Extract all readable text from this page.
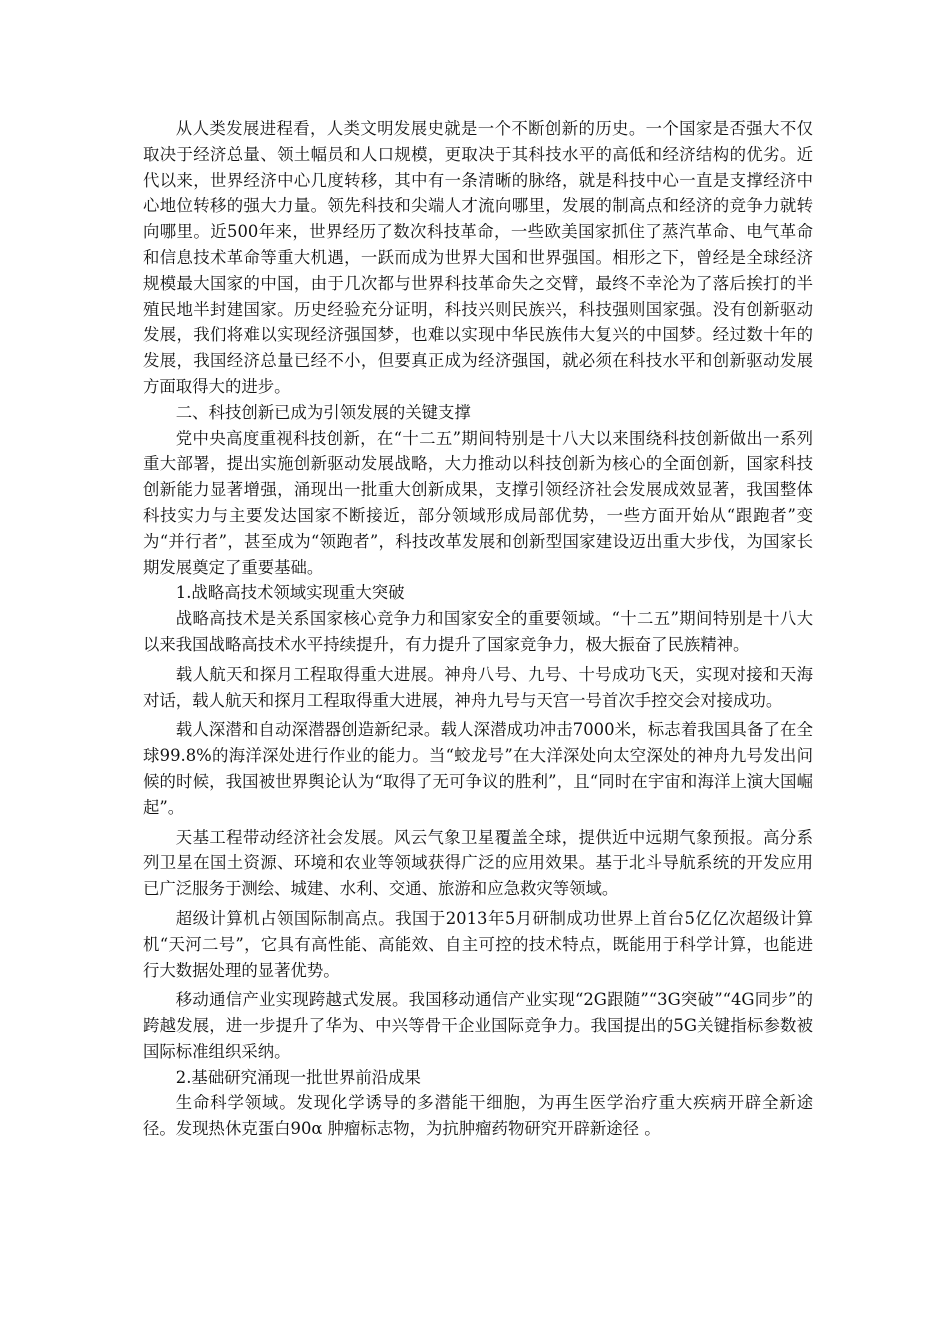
从人类发展进程看，人类文明发展史就是一个不断创新的历史。一个国家是否强大不仅取决于经济总量、领土幅员和人口规模，更取决于其科技水平的高低和经济结构的优劣。近代以来，世界经济中心几度转移，其中有一条清晰的脉络，就是科技中心一直是支撑经济中心地位转移的强大力量。领先科技和尖端人才流向哪里，发展的制高点和经济的竞争力就转向哪里。近500年来，世界经历了数次科技革命，一些欧美国家抓住了蒸汽革命、电气革命和信息技术革命等重大机遇，一跃而成为世界大国和世界强国。相形之下，曾经是全球经济规模最大国家的中国，由于几次都与世界科技革命失之交臂，最终不幸沦为了落后挨打的半殖民地半封建国家。历史经验充分证明，科技兴则民族兴，科技强则国家强。没有创新驱动发展，我们将难以实现经济强国梦，也难以实现中华民族伟大复兴的中国梦。经过数十年的发展，我国经济总量已经不小，但要真正成为经济强国，就必须在科技水平和创新驱动发展方面取得大的进步。

二、科技创新已成为引领发展的关键支撑

党中央高度重视科技创新，在“十二五”期间特别是十八大以来围绕科技创新做出一系列重大部署，提出实施创新驱动发展战略，大力推动以科技创新为核心的全面创新，国家科技创新能力显著增强，涌现出一批重大创新成果，支撑引领经济社会发展成效显著，我国整体科技实力与主要发达国家不断接近，部分领域形成局部优势，一些方面开始从“跟跑者”变为“并行者”，甚至成为“领跑者”，科技改革发展和创新型国家建设迈出重大步伐，为国家长期发展奠定了重要基础。

1.战略高技术领域实现重大突破

战略高技术是关系国家核心竞争力和国家安全的重要领域。“十二五”期间特别是十八大以来我国战略高技术水平持续提升，有力提升了国家竞争力，极大振奋了民族精神。

载人航天和探月工程取得重大进展。神舟八号、九号、十号成功飞天，实现对接和天海对话，载人航天和探月工程取得重大进展，神舟九号与天宫一号首次手控交会对接成功。

载人深潜和自动深潜器创造新纪录。载人深潜成功冲击7000米，标志着我国具备了在全球99.8%的海洋深处进行作业的能力。当“蛟龙号”在大洋深处向太空深处的神舟九号发出问候的时候，我国被世界舆论认为“取得了无可争议的胜利”，且“同时在宇宙和海洋上演大国崛起”。

天基工程带动经济社会发展。风云气象卫星覆盖全球，提供近中远期气象预报。高分系列卫星在国土资源、环境和农业等领域获得广泛的应用效果。基于北斗导航系统的开发应用已广泛服务于测绘、城建、水利、交通、旅游和应急救灾等领域。

超级计算机占领国际制高点。我国于2013年5月研制成功世界上首台5亿亿次超级计算机“天河二号”，它具有高性能、高能效、自主可控的技术特点，既能用于科学计算，也能进行大数据处理的显著优势。

移动通信产业实现跨越式发展。我国移动通信产业实现“2G跟随”“3G突破”“4G同步”的跨越发展，进一步提升了华为、中兴等骨干企业国际竞争力。我国提出的5G关键指标参数被国际标准组织采纳。

2.基础研究涌现一批世界前沿成果

生命科学领域。发现化学诱导的多潜能干细胞，为再生医学治疗重大疾病开辟全新途径。发现热休克蛋白90α 肿瘤标志物，为抗肿瘤药物研究开辟新途径 。
